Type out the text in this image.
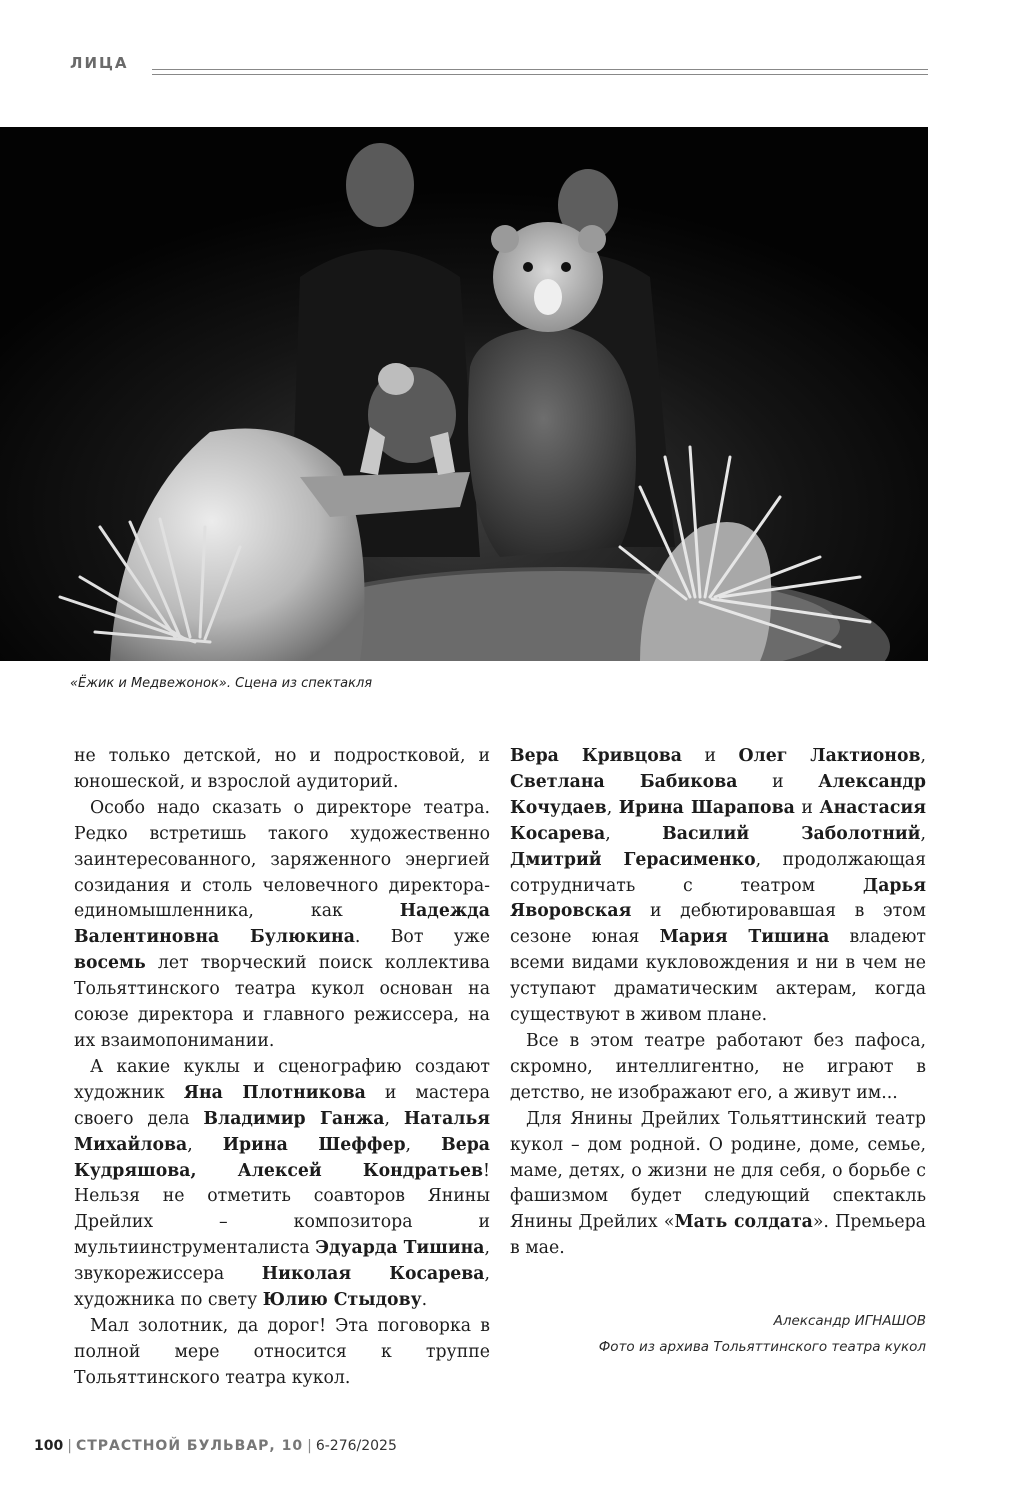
ЛИЦА
«Ёжик и Медвежонок». Сцена из спектакля

не только детской, но и подростковой, и юношеской, и взрослой аудиторий.

Особо надо сказать о директоре театра. Редко встретишь такого художественно заинтересованного, заряженного энергией созидания и столь человечного директора-единомышленника, как Надежда Валентиновна Булюкина. Вот уже восемь лет творческий поиск коллектива Тольяттинского театра кукол основан на союзе директора и главного режиссера, на их взаимопонимании.

А какие куклы и сценографию создают художник Яна Плотникова и мастера своего дела Владимир Ганжа, Наталья Михайлова, Ирина Шеффер, Вера Кудряшова, Алексей Кондратьев! Нельзя не отметить соавторов Янины Дрейлих – композитора и мультиинструменталиста Эдуарда Тишина, звукорежиссера Николая Косарева, художника по свету Юлию Стыдову.

Мал золотник, да дорог! Эта поговорка в полной мере относится к труппе Тольяттинского театра кукол.

Вера Кривцова и Олег Лактионов, Светлана Бабикова и Александр Кочудаев, Ирина Шарапова и Анастасия Косарева, Василий Заболотний, Дмитрий Герасименко, продолжающая сотрудничать с театром Дарья Яворовская и дебютировавшая в этом сезоне юная Мария Тишина владеют всеми видами кукловождения и ни в чем не уступают драматическим актерам, когда существуют в живом плане.

Все в этом театре работают без пафоса, скромно, интеллигентно, не играют в детство, не изображают его, а живут им...

Для Янины Дрейлих Тольяттинский театр кукол – дом родной. О родине, доме, семье, маме, детях, о жизни не для себя, о борьбе с фашизмом будет следующий спектакль Янины Дрейлих «Мать солдата». Премьера в мае.

Александр ИГНАШОВ
Фото из архива Тольяттинского театра кукол
100 | СТРАСТНОЙ БУЛЬВАР, 10 | 6-276/2025
